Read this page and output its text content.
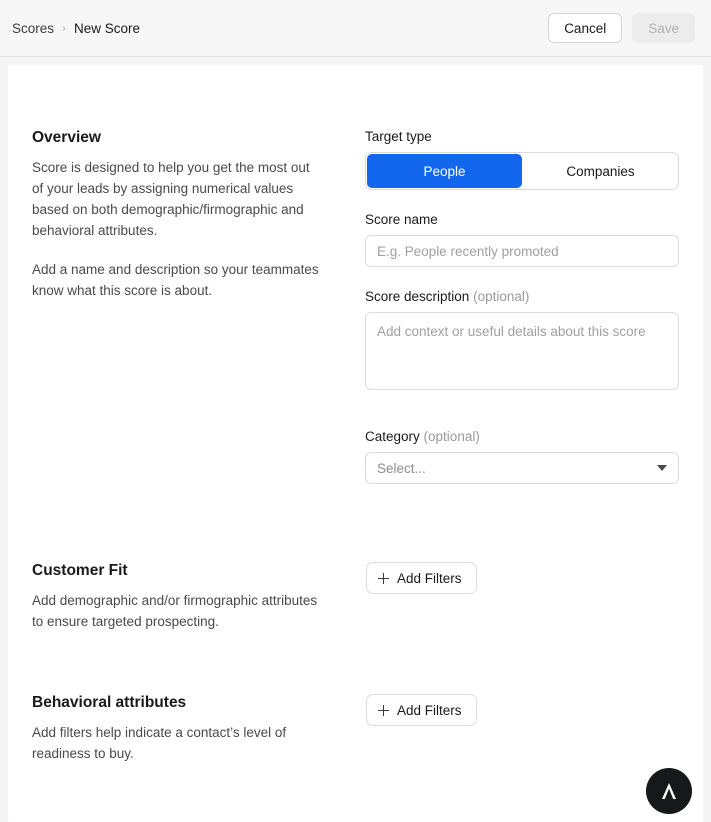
Scores › New Score	Cancel	Save
Overview

Score is designed to help you get the most out of your leads by assigning numerical values based on both demographic/firmographic and behavioral attributes.

Add a name and description so your teammates know what this score is about.

Target type
People	Companies
Score name
E.g. People recently promoted
Score description (optional)
Add context or useful details about this score
Category (optional)
Select...
Customer Fit

Add demographic and/or firmographic attributes to ensure targeted prospecting.

Add Filters
Behavioral attributes

Add filters help indicate a contact’s level of readiness to buy.

Add Filters
